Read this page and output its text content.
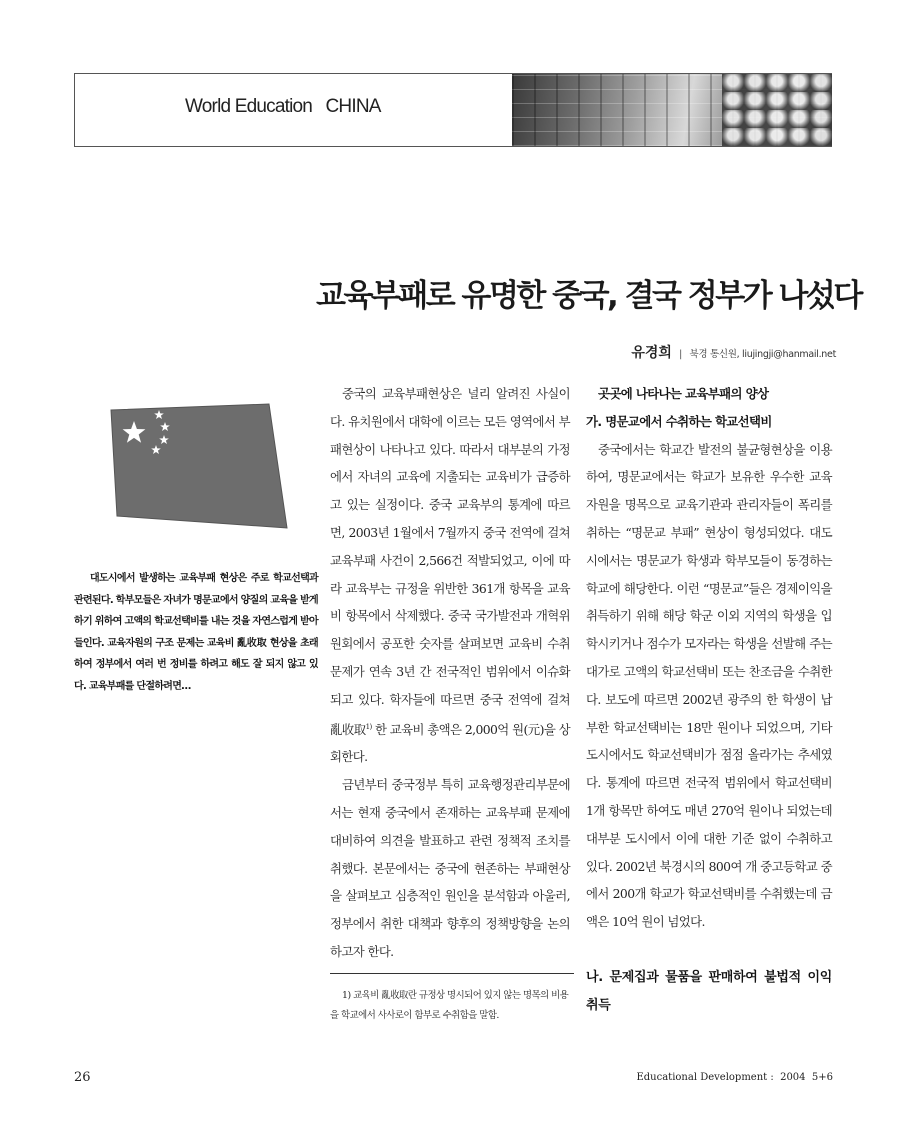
World Education   CHINA
교육부패로 유명한 중국, 결국 정부가 나섰다
유경희 | 북경 통신원, liujingji@hanmail.net

대도시에서 발생하는 교육부패 현상은 주로 학교선택과 관련된다. 학부모들은 자녀가 명문교에서 양질의 교육을 받게 하기 위하여 고액의 학교선택비를 내는 것을 자연스럽게 받아들인다. 교육자원의 구조 문제는 교육비 亂收取 현상을 초래하여 정부에서 여러 번 정비를 하려고 해도 잘 되지 않고 있다. 교육부패를 단절하려면…

중국의 교육부패현상은 널리 알려진 사실이다. 유치원에서 대학에 이르는 모든 영역에서 부패현상이 나타나고 있다. 따라서 대부분의 가정에서 자녀의 교육에 지출되는 교육비가 급증하고 있는 실정이다. 중국 교육부의 통계에 따르면, 2003년 1월에서 7월까지 중국 전역에 걸쳐 교육부패 사건이 2,566건 적발되었고, 이에 따라 교육부는 규정을 위반한 361개 항목을 교육비 항목에서 삭제했다. 중국 국가발전과 개혁위원회에서 공포한 숫자를 살펴보면 교육비 수취문제가 연속 3년 간 전국적인 범위에서 이슈화되고 있다. 학자들에 따르면 중국 전역에 걸쳐 亂收取$^{1)}$ 한 교육비 총액은 2,000억 원(元)을 상회한다.

금년부터 중국정부 특히 교육행정관리부문에서는 현재 중국에서 존재하는 교육부패 문제에 대비하여 의견을 발표하고 관련 정책적 조치를 취했다. 본문에서는 중국에 현존하는 부패현상을 살펴보고 심층적인 원인을 분석함과 아울러, 정부에서 취한 대책과 향후의 정책방향을 논의하고자 한다.

1) 교육비 亂收取란 규정상 명시되어 있지 않는 명목의 비용을 학교에서 사사로이 함부로 수취함을 말함.

곳곳에 나타나는 교육부패의 양상
가. 명문교에서 수취하는 학교선택비

중국에서는 학교간 발전의 불균형현상을 이용하여, 명문교에서는 학교가 보유한 우수한 교육자원을 명목으로 교육기관과 관리자들이 폭리를 취하는 “명문교 부패” 현상이 형성되었다. 대도시에서는 명문교가 학생과 학부모들이 동경하는 학교에 해당한다. 이런 “명문교”들은 경제이익을 취득하기 위해 해당 학군 이외 지역의 학생을 입학시키거나 점수가 모자라는 학생을 선발해 주는 대가로 고액의 학교선택비 또는 찬조금을 수취한다. 보도에 따르면 2002년 광주의 한 학생이 납부한 학교선택비는 18만 원이나 되었으며, 기타 도시에서도 학교선택비가 점점 올라가는 추세였다. 통계에 따르면 전국적 범위에서 학교선택비 1개 항목만 하여도 매년 270억 원이나 되었는데 대부분 도시에서 이에 대한 기준 없이 수취하고 있다. 2002년 북경시의 800여 개 중고등학교 중에서 200개 학교가 학교선택비를 수취했는데 금액은 10억 원이 넘었다.

나. 문제집과 물품을 판매하여 불법적 이익 취득
26	Educational Development :  2004  5+6
